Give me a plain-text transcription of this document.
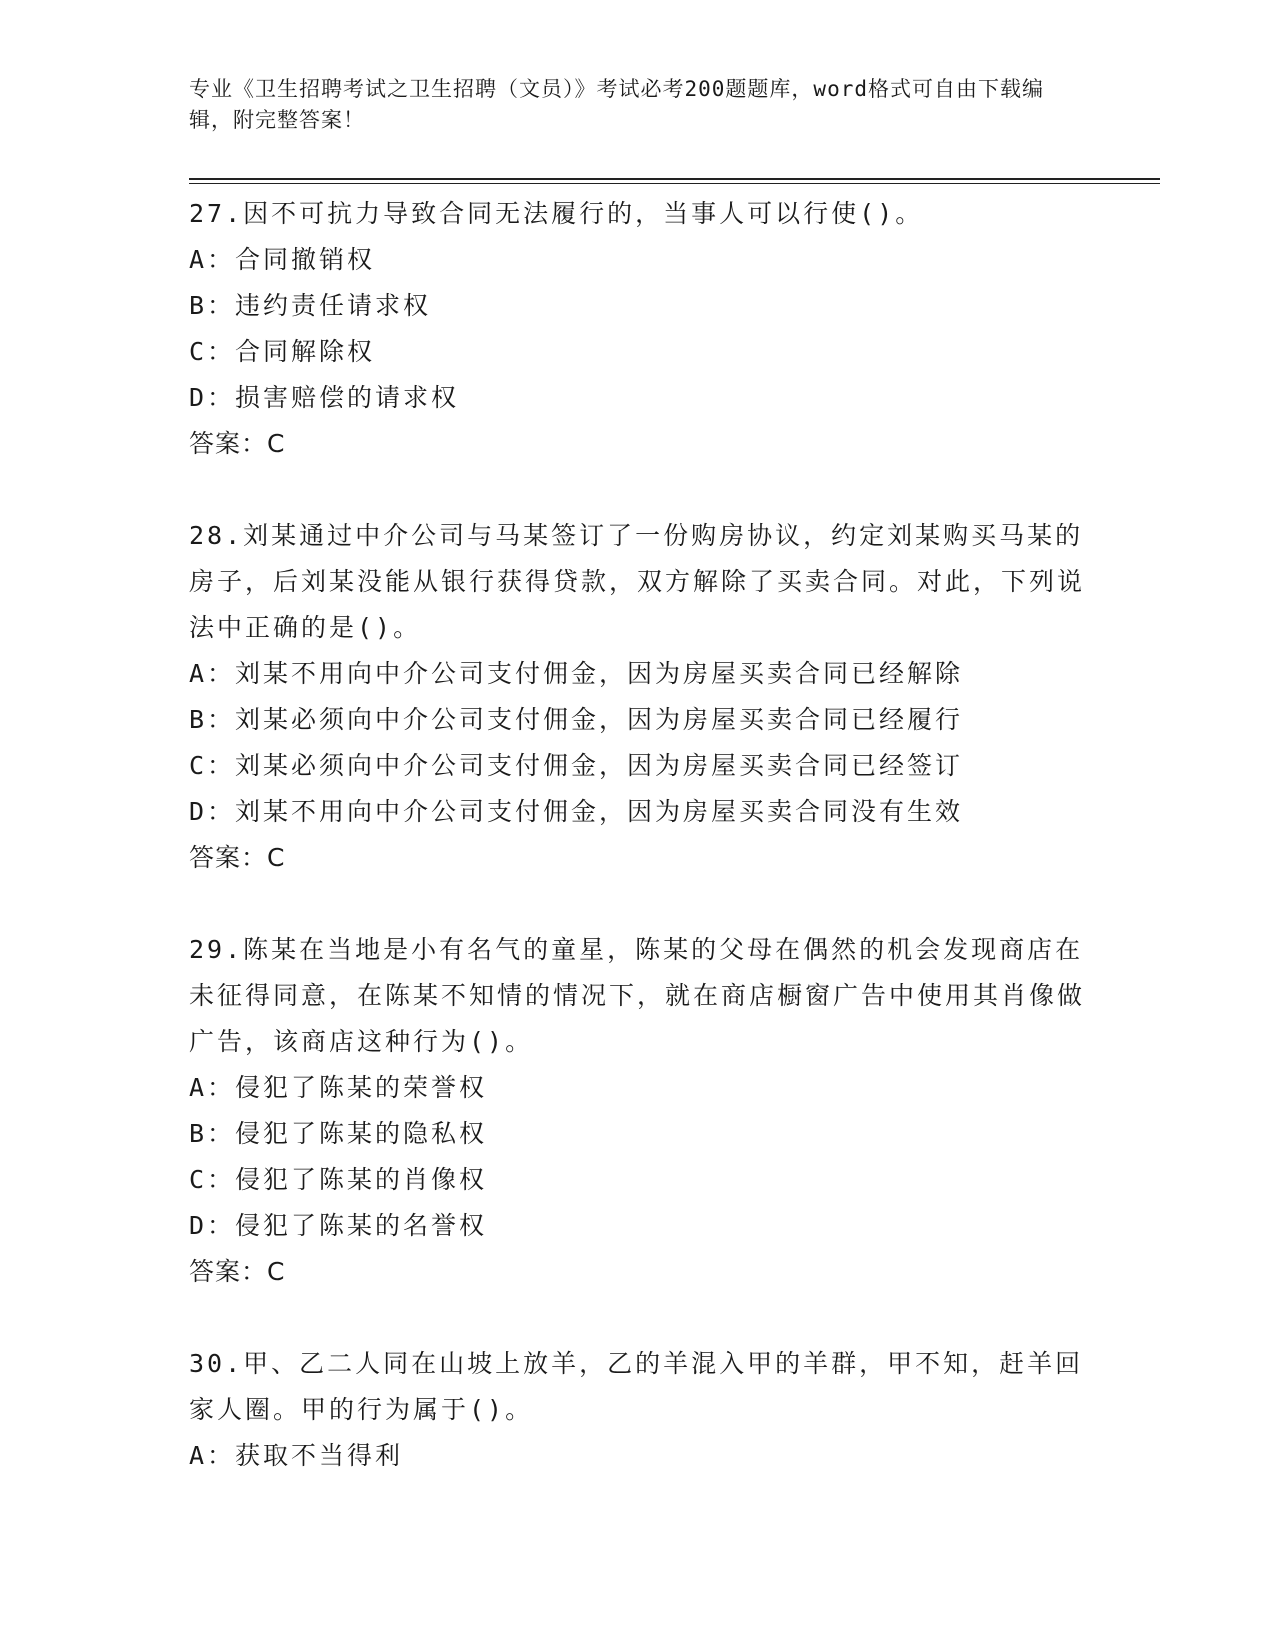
专业《卫生招聘考试之卫生招聘（文员）》考试必考200题题库，word格式可自由下载编辑，附完整答案！
27.因不可抗力导致合同无法履行的，当事人可以行使()。
A：合同撤销权
B：违约责任请求权
C：合同解除权
D：损害赔偿的请求权
答案：C
28.刘某通过中介公司与马某签订了一份购房协议，约定刘某购买马某的房子，后刘某没能从银行获得贷款，双方解除了买卖合同。对此，下列说法中正确的是()。
A：刘某不用向中介公司支付佣金，因为房屋买卖合同已经解除
B：刘某必须向中介公司支付佣金，因为房屋买卖合同已经履行
C：刘某必须向中介公司支付佣金，因为房屋买卖合同已经签订
D：刘某不用向中介公司支付佣金，因为房屋买卖合同没有生效
答案：C
29.陈某在当地是小有名气的童星，陈某的父母在偶然的机会发现商店在未征得同意，在陈某不知情的情况下，就在商店橱窗广告中使用其肖像做广告，该商店这种行为()。
A：侵犯了陈某的荣誉权
B：侵犯了陈某的隐私权
C：侵犯了陈某的肖像权
D：侵犯了陈某的名誉权
答案：C
30.甲、乙二人同在山坡上放羊，乙的羊混入甲的羊群，甲不知，赶羊回家人圈。甲的行为属于()。
A：获取不当得利
